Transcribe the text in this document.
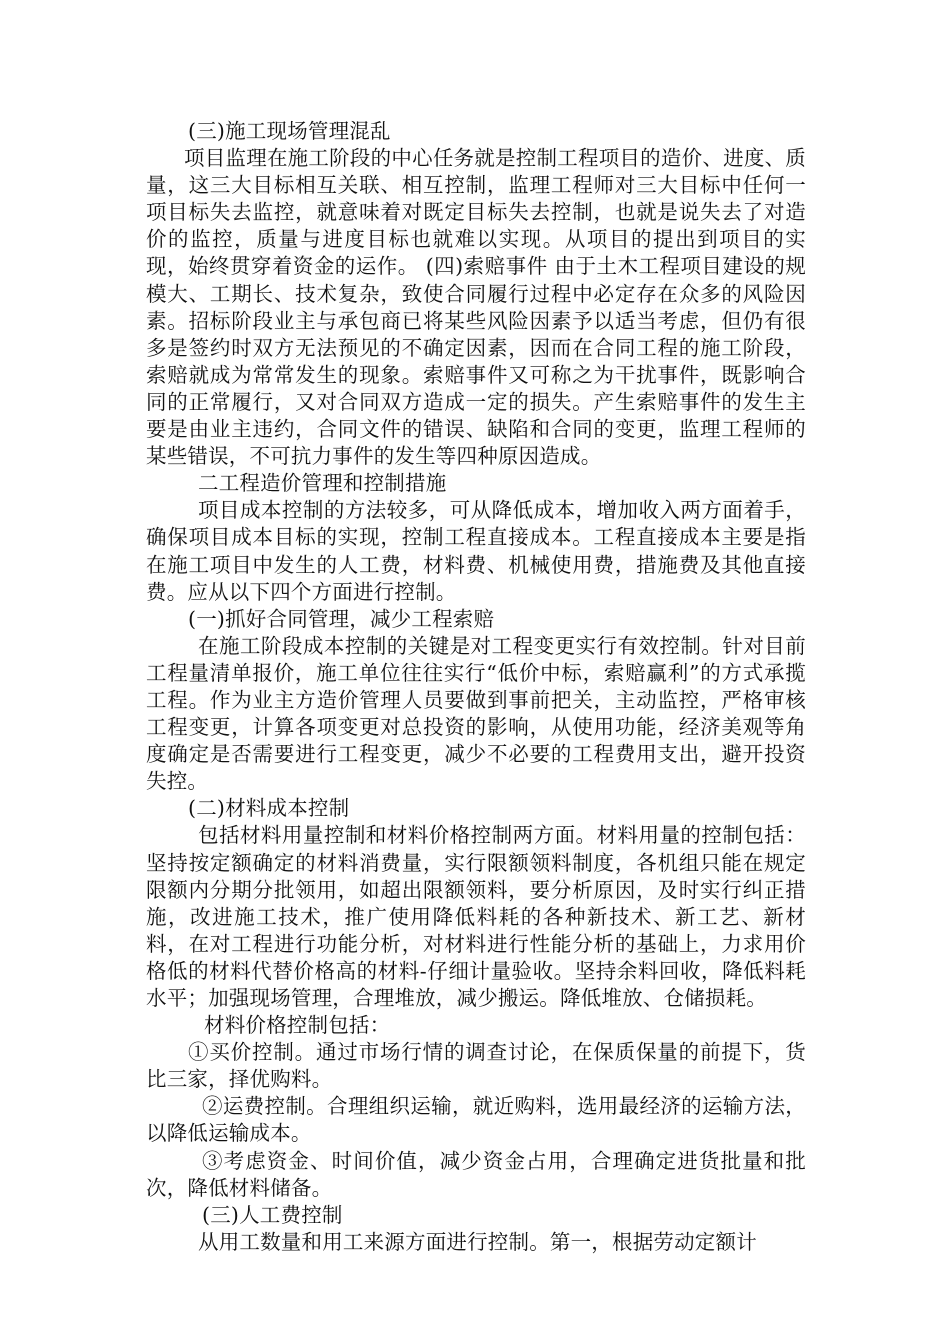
(三)施工现场管理混乱

项目监理在施工阶段的中心任务就是控制工程项目的造价、进度、质量，这三大目标相互关联、相互控制，监理工程师对三大目标中任何一项目标失去监控，就意味着对既定目标失去控制，也就是说失去了对造价的监控，质量与进度目标也就难以实现。从项目的提出到项目的实现，始终贯穿着资金的运作。 (四)索赔事件 由于土木工程项目建设的规模大、工期长、技术复杂，致使合同履行过程中必定存在众多的风险因素。招标阶段业主与承包商已将某些风险因素予以适当考虑，但仍有很多是签约时双方无法预见的不确定因素，因而在合同工程的施工阶段，索赔就成为常常发生的现象。索赔事件又可称之为干扰事件，既影响合同的正常履行，又对合同双方造成一定的损失。产生索赔事件的发生主要是由业主违约，合同文件的错误、缺陷和合同的变更，监理工程师的某些错误，不可抗力事件的发生等四种原因造成。

二工程造价管理和控制措施

项目成本控制的方法较多，可从降低成本，增加收入两方面着手，确保项目成本目标的实现，控制工程直接成本。工程直接成本主要是指在施工项目中发生的人工费，材料费、机械使用费，措施费及其他直接费。应从以下四个方面进行控制。

(一)抓好合同管理，减少工程索赔

在施工阶段成本控制的关键是对工程变更实行有效控制。针对目前工程量清单报价，施工单位往往实行“低价中标，索赔赢利”的方式承揽工程。作为业主方造价管理人员要做到事前把关，主动监控，严格审核工程变更，计算各项变更对总投资的影响，从使用功能，经济美观等角度确定是否需要进行工程变更，减少不必要的工程费用支出，避开投资失控。

(二)材料成本控制

包括材料用量控制和材料价格控制两方面。材料用量的控制包括：坚持按定额确定的材料消费量，实行限额领料制度，各机组只能在规定限额内分期分批领用，如超出限额领料，要分析原因，及时实行纠正措施，改进施工技术，推广使用降低料耗的各种新技术、新工艺、新材料，在对工程进行功能分析，对材料进行性能分析的基础上，力求用价格低的材料代替价格高的材料-仔细计量验收。坚持余料回收，降低料耗水平；加强现场管理，合理堆放，减少搬运。降低堆放、仓储损耗。

材料价格控制包括：

①买价控制。通过市场行情的调查讨论，在保质保量的前提下，货比三家，择优购料。

②运费控制。合理组织运输，就近购料，选用最经济的运输方法，以降低运输成本。

③考虑资金、时间价值，减少资金占用，合理确定进货批量和批次，降低材料储备。

(三)人工费控制

从用工数量和用工来源方面进行控制。第一，根据劳动定额计
